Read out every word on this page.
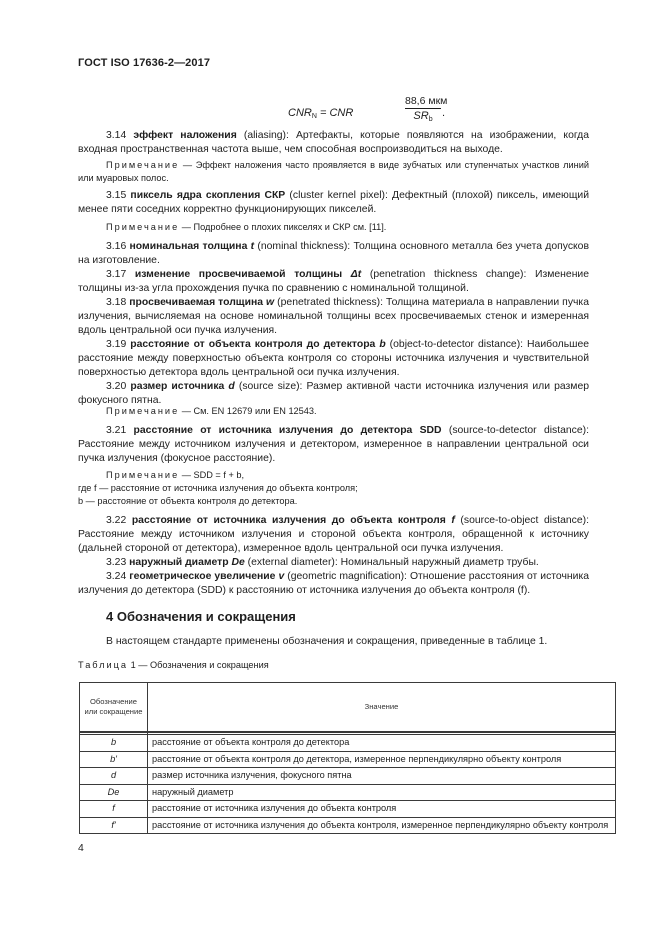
ГОСТ ISO 17636-2—2017
$CNR_N$ = CNR
88,6 мкм
$SR_b$
.

3.14 эффект наложения (aliasing): Артефакты, которые появляются на изображении, когда входная пространственная частота выше, чем способная воспроизводиться на выходе.

Примечание — Эффект наложения часто проявляется в виде зубчатых или ступенчатых участков линий или муаровых полос.

3.15 пиксель ядра скопления СКР (cluster kernel pixel): Дефектный (плохой) пиксель, имеющий менее пяти соседних корректно функционирующих пикселей.

Примечание — Подробнее о плохих пикселях и СКР см. [11].

3.16 номинальная толщина t (nominal thickness): Толщина основного металла без учета допусков на изготовление.

3.17 изменение просвечиваемой толщины Δt (penetration thickness change): Изменение толщины из-за угла прохождения пучка по сравнению с номинальной толщиной.

3.18 просвечиваемая толщина w (penetrated thickness): Толщина материала в направлении пучка излучения, вычисляемая на основе номинальной толщины всех просвечиваемых стенок и измеренная вдоль центральной оси пучка излучения.

3.19 расстояние от объекта контроля до детектора b (object-to-detector distance): Наибольшее расстояние между поверхностью объекта контроля со стороны источника излучения и чувствительной поверхностью детектора вдоль центральной оси пучка излучения.

3.20 размер источника d (source size): Размер активной части источника излучения или размер фокусного пятна.

Примечание — См. EN 12679 или EN 12543.

3.21 расстояние от источника излучения до детектора SDD (source-to-detector distance): Расстояние между источником излучения и детектором, измеренное в направлении центральной оси пучка излучения (фокусное расстояние).

Примечание — SDD = f + b,

где f — расстояние от источника излучения до объекта контроля;

b — расстояние от объекта контроля до детектора.

3.22 расстояние от источника излучения до объекта контроля f (source-to-object distance): Расстояние между источником излучения и стороной объекта контроля, обращенной к источнику (дальней стороной от детектора), измеренное вдоль центральной оси пучка излучения.

3.23 наружный диаметр De (external diameter): Номинальный наружный диаметр трубы.

3.24 геометрическое увеличение v (geometric magnification): Отношение расстояния от источника излучения до детектора (SDD) к расстоянию от источника излучения до объекта контроля (f).

4 Обозначения и сокращения
В настоящем стандарте применены обозначения и сокращения, приведенные в таблице 1.
Таблица 1 — Обозначения и сокращения
Обозначение или сокращение	Значение

b	расстояние от объекта контроля до детектора
b'	расстояние от объекта контроля до детектора, измеренное перпендикулярно объекту контроля
d	размер источника излучения, фокусного пятна
De	наружный диаметр
f	расстояние от источника излучения до объекта контроля
f'	расстояние от источника излучения до объекта контроля, измеренное перпендикулярно объекту контроля
4
